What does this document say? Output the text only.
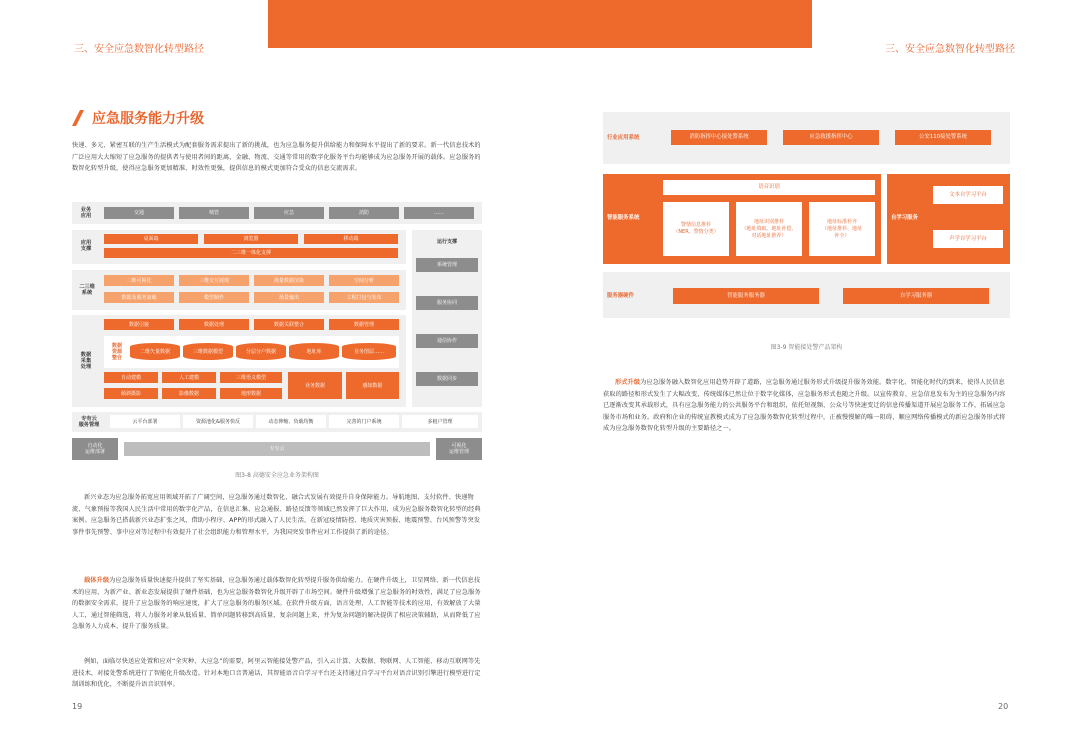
三、安全应急数智化转型路径	三、安全应急数智化转型路径
应急服务能力升级
快递、多元、紧密互联的生产生活模式为配套服务需求提出了新的挑战，也为应急服务提升供给能力和保障水平提出了新的要求。新一代信息技术的广泛应用大大缩短了应急服务的提供者与使用者间的距离，金融、物流、交通等常用的数字化服务平台均能够成为应急服务开展的载体。应急服务的数智化转型升级，使得应急服务更加精准、时效性更强，提供信息的模式更加符合受众的信息交流需求。
业务
应用	交通	城管	应急	消防	……
应用
支撑
桌面端	浏览器	移动端
二三维一体化支撑
二三维
系统
二维可视化	三维交互展现	海量数据渲染	空间分析
数据及服务加载	模型制作	场景输出	工程打包与发布
数据
采集
处理
数据引接	数据处理	数据关联整合	数据管理
数据
资源
整合
二维矢量数据	三维数据模型	分层分户数据	地址库	业务图层……
自动建模	人工建模	三维语义模型
倾斜摄影	影像数据	地形数据
业务数据	感知数据
运行支撑
系统管理
服务协同
通信协作
数据同步
专有云
服务管理
云平台部署	资源池化&服务快反	动态伸缩、负载均衡	完善的门户系统	多租户管理
自动化
运维部署	专有云	可视化
运维管理
图3-8 高德安全应急业务架构图
新兴业态为应急服务拓宽应用领域开拓了广阔空间，应急服务通过数智化、融合式发展有效提升自身保障能力。导航地图、支付软件、快递物流、气象预报等我国人民生活中常用的数字化产品，在信息汇集、应急通报、路径反馈等领域已然发挥了巨大作用，成为应急服务数智化转型的经典案例。应急服务已搭载新兴业态扩张之风，借助小程序、APP的形式融入了人民生活，在新冠疫情防控、地质灾害预报、地震预警、台风预警等突发事件事先预警、事中应对等过程中有效提升了社会组织能力和管理水平，为我国突发事件应对工作提供了新的途径。
载体升级为应急服务质量快速提升提供了坚实基础，应急服务通过载体数智化转型提升服务供给能力。在硬件升级上，卫星网络、新一代信息技术的应用，为新产业、新业态发展提供了硬件基础，也为应急服务数智化升级开辟了市场空间。硬件升级增强了应急服务的时效性，满足了应急服务的数据安全需求，提升了应急服务的响应速度，扩大了应急服务的服务区域。在软件升级方面，语言处理、人工智能等技术的应用，有效解放了大量人工，通过智能筛选，将人力服务对象从低质量、简单问题转移到高质量、复杂问题上来，并为复杂问题的解决提供了相应决策辅助，从而降低了应急服务人力成本、提升了服务质量。
例如，面临尽快送应处置和应对“全灾种、大应急”的需要，阿里云智能接处警产品，引入云计算、大数据、物联网、人工智能、移动互联网等先进技术，对接处警系统进行了智能化升级改造。针对本地口音普通话，其智能语音自学习平台还支持通过自学习平台对语音识别引擎进行模型进行定制训练和优化，不断提升语音识别率。
19
行业应用系统	消防指挥中心接处警系统	应急救援指挥中心	公安110接处警系统
智能服务系统
语音识别
警情信息推荐
（NER、警情分类）
地址识别推荐
（地址填取、地址补偿、
对话地址推荐）
地址标准补齐
（地址推荐、地址
补全）
自学习服务
文本自学习平台
声学自学习平台
服务器硬件	智能服务服务器	自学习服务器
图3-9 智能接处警产品架构
形式升级为应急服务融入数智化应用趋势开辟了道路，应急服务通过服务形式升级提升服务效能。数字化、智能化时代的到来，使得人民信息获取的路径和形式发生了大幅改变，传统媒体已然让位于数字化媒体，应急服务形式也随之升级。以宣传教育、应急信息发布为主的应急服务内容已逐渐改变其承载形式，具有应急服务能力的公共服务平台和组织，依托短视频、公众号等快速变迁的信息传播渠道开展应急服务工作，拓展应急服务市场和业务。政府和企业的传统宣教模式成为了应急服务数智化转型过程中，正被慢慢解的唯一阻碍，顺应网络传播模式的新应急服务形式将成为应急服务数智化转型升级的主要路径之一。
20
